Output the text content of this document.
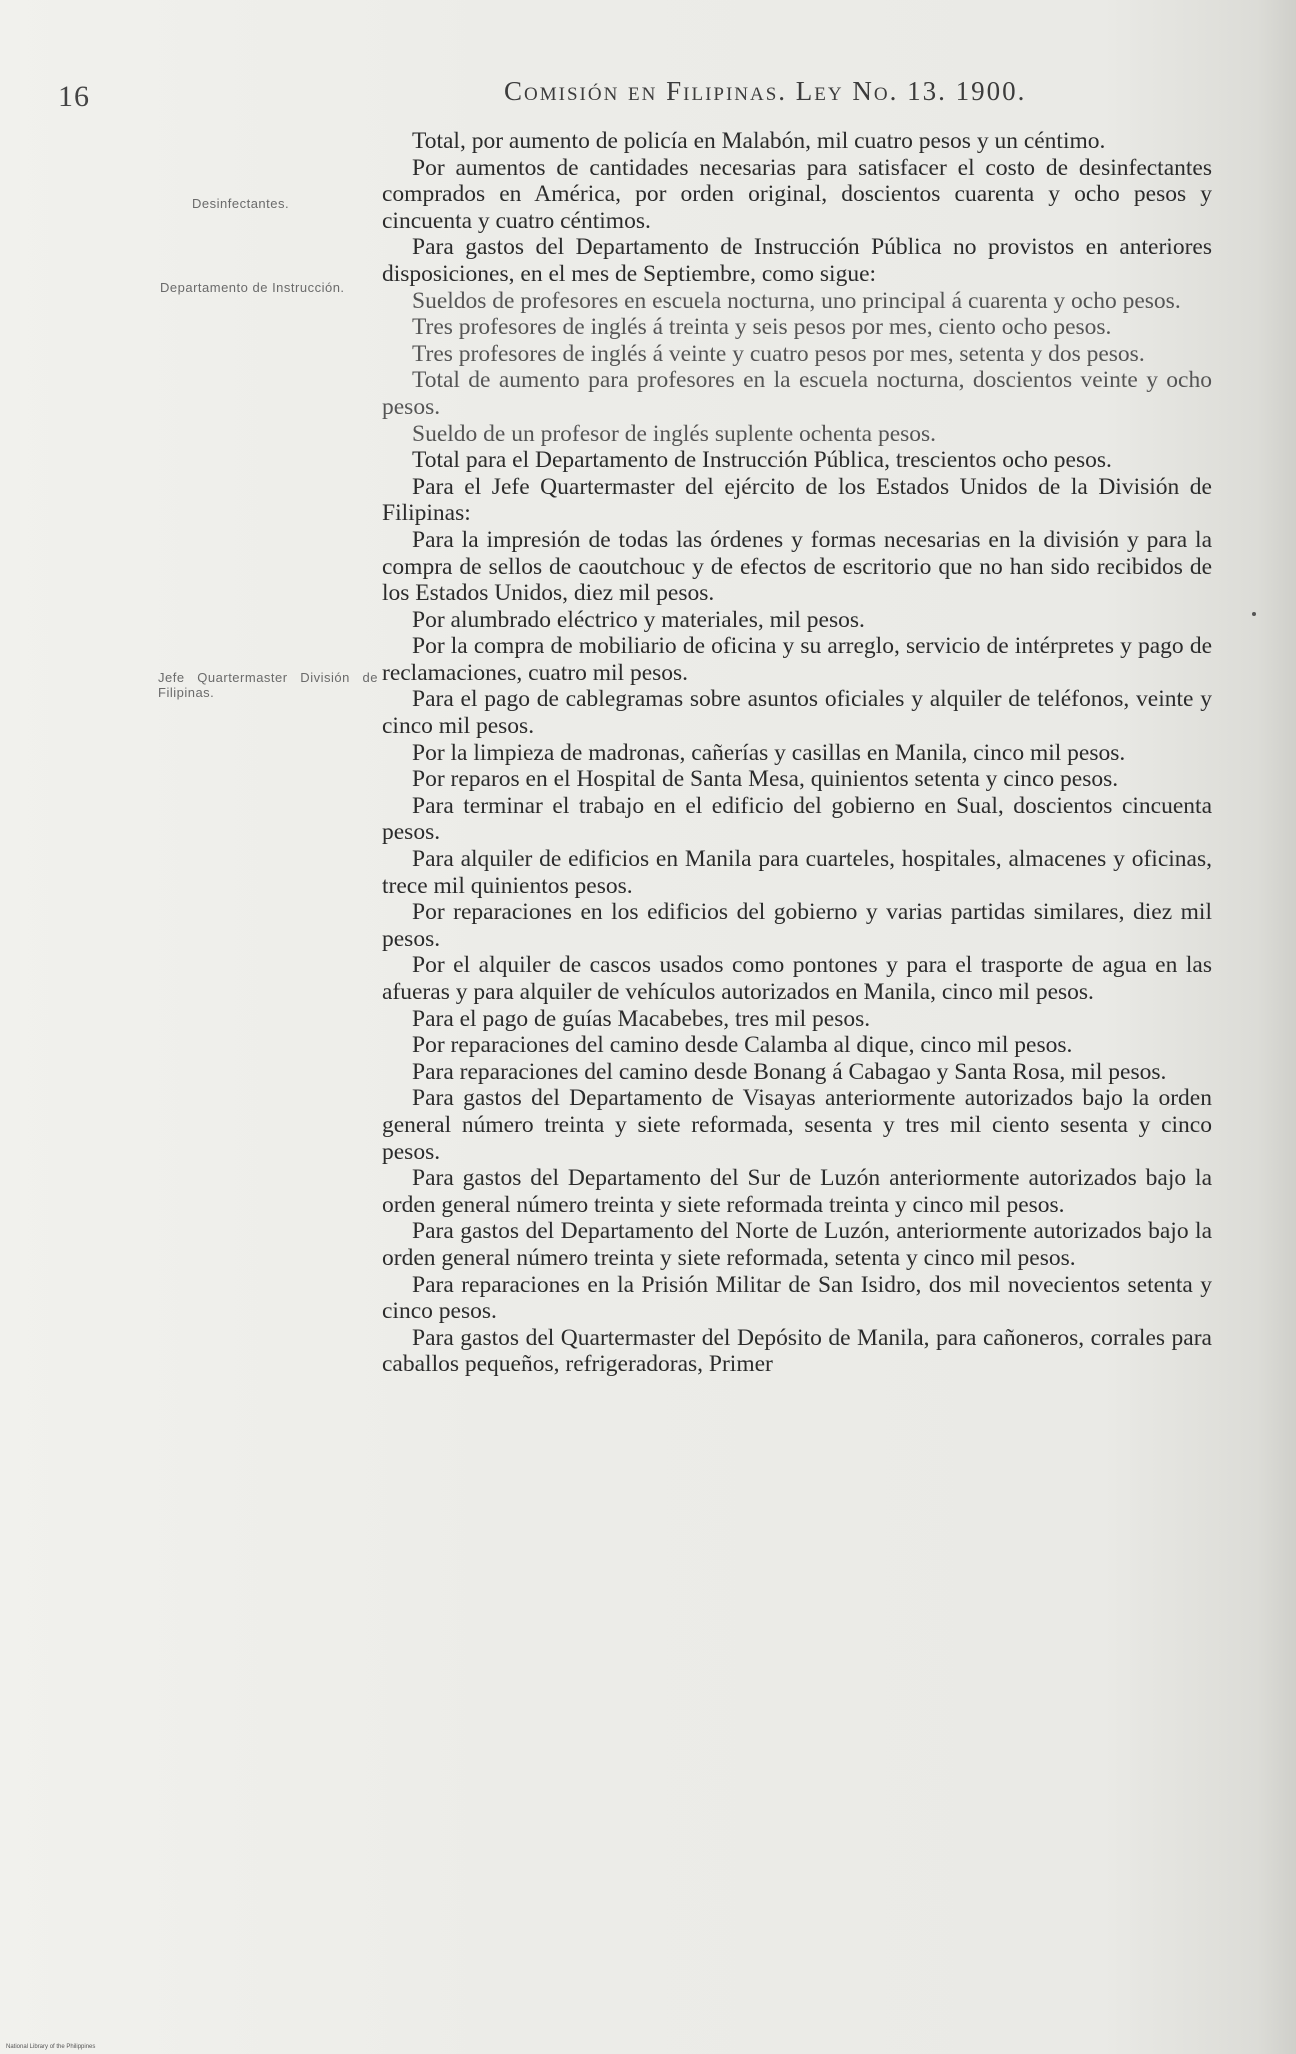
16	Comisión en Filipinas. Ley No. 13. 1900.
Desinfectantes.
Departamento de Instrucción.
Jefe Quartermaster División de Filipinas.

Total, por aumento de policía en Malabón, mil cuatro pesos y un céntimo.

Por aumentos de cantidades necesarias para satisfacer el costo de desinfectantes comprados en América, por orden original, doscientos cuarenta y ocho pesos y cincuenta y cuatro céntimos.

Para gastos del Departamento de Instrucción Pública no provistos en anteriores disposiciones, en el mes de Septiembre, como sigue:

Sueldos de profesores en escuela nocturna, uno principal á cuarenta y ocho pesos.

Tres profesores de inglés á treinta y seis pesos por mes, ciento ocho pesos.

Tres profesores de inglés á veinte y cuatro pesos por mes, setenta y dos pesos.

Total de aumento para profesores en la escuela nocturna, doscientos veinte y ocho pesos.

Sueldo de un profesor de inglés suplente ochenta pesos.

Total para el Departamento de Instrucción Pública, trescientos ocho pesos.

Para el Jefe Quartermaster del ejército de los Estados Unidos de la División de Filipinas:

Para la impresión de todas las órdenes y formas necesarias en la división y para la compra de sellos de caoutchouc y de efectos de escritorio que no han sido recibidos de los Estados Unidos, diez mil pesos.

Por alumbrado eléctrico y materiales, mil pesos.

Por la compra de mobiliario de oficina y su arreglo, servicio de intérpretes y pago de reclamaciones, cuatro mil pesos.

Para el pago de cablegramas sobre asuntos oficiales y alquiler de teléfonos, veinte y cinco mil pesos.

Por la limpieza de madronas, cañerías y casillas en Manila, cinco mil pesos.

Por reparos en el Hospital de Santa Mesa, quinientos setenta y cinco pesos.

Para terminar el trabajo en el edificio del gobierno en Sual, doscientos cincuenta pesos.

Para alquiler de edificios en Manila para cuarteles, hospitales, almacenes y oficinas, trece mil quinientos pesos.

Por reparaciones en los edificios del gobierno y varias partidas similares, diez mil pesos.

Por el alquiler de cascos usados como pontones y para el trasporte de agua en las afueras y para alquiler de vehículos autorizados en Manila, cinco mil pesos.

Para el pago de guías Macabebes, tres mil pesos.

Por reparaciones del camino desde Calamba al dique, cinco mil pesos.

Para reparaciones del camino desde Bonang á Cabagao y Santa Rosa, mil pesos.

Para gastos del Departamento de Visayas anteriormente autorizados bajo la orden general número treinta y siete reformada, sesenta y tres mil ciento sesenta y cinco pesos.

Para gastos del Departamento del Sur de Luzón anteriormente autorizados bajo la orden general número treinta y siete reformada treinta y cinco mil pesos.

Para gastos del Departamento del Norte de Luzón, anteriormente autorizados bajo la orden general número treinta y siete reformada, setenta y cinco mil pesos.

Para reparaciones en la Prisión Militar de San Isidro, dos mil novecientos setenta y cinco pesos.

Para gastos del Quartermaster del Depósito de Manila, para cañoneros, corrales para caballos pequeños, refrigeradoras, Primer

National Library of the Philippines
